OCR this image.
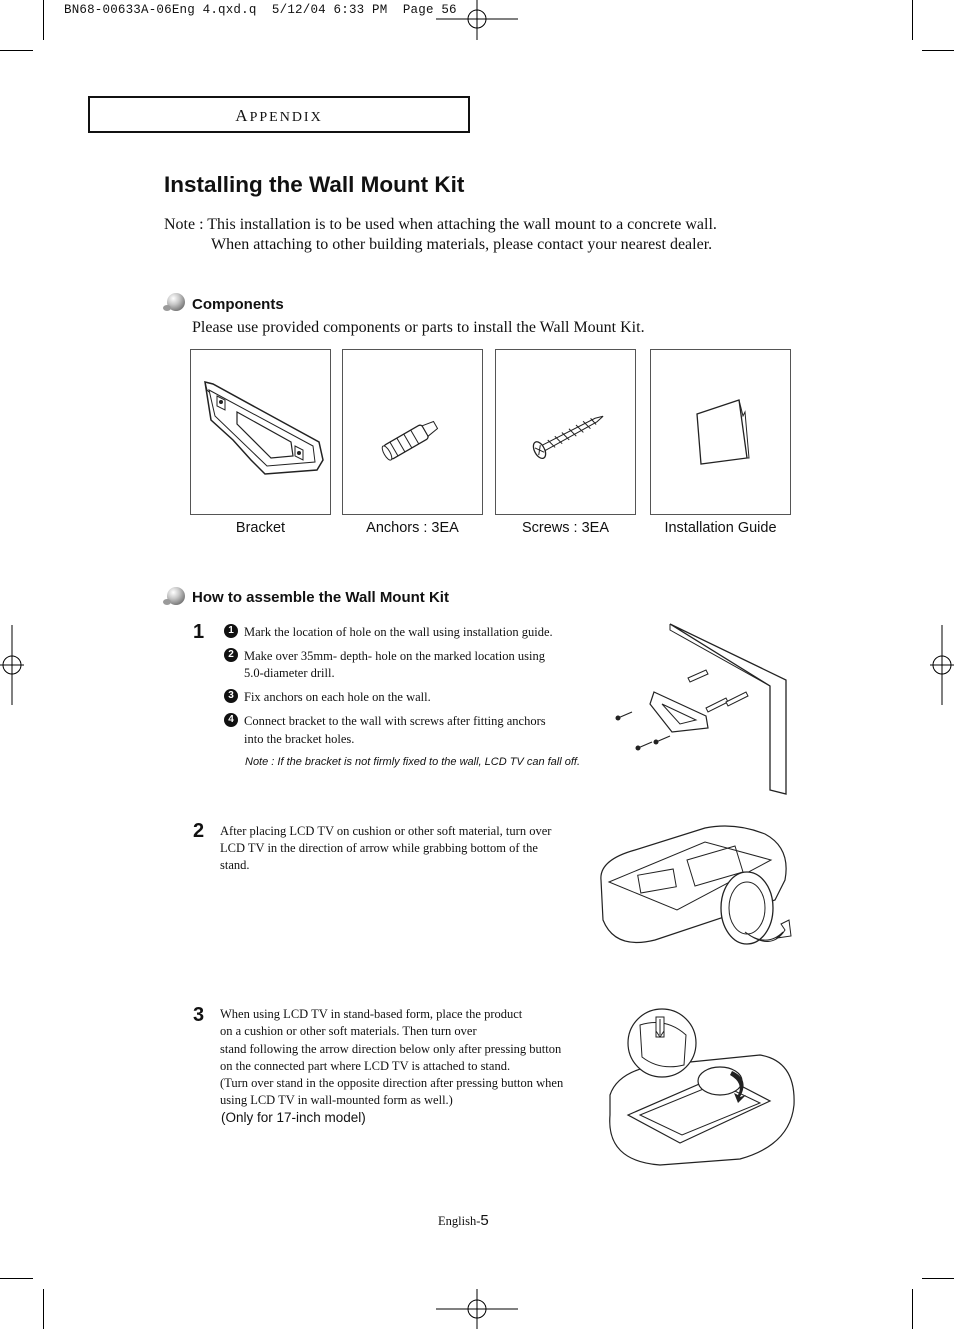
BN68-00633A-06Eng 4.qxd.q  5/12/04 6:33 PM  Page 56
APPENDIX
Installing the Wall Mount Kit
Note : This installation is to be used when attaching the wall mount to a concrete wall.
When attaching to other building materials, please contact your nearest dealer.
Components
Please use provided components or parts to install the Wall Mount Kit.
Bracket	Anchors : 3EA	Screws : 3EA	Installation Guide
How to assemble the Wall Mount Kit
1	1 Mark the location of hole on the wall using installation guide.
2 Make over 35mm- depth- hole on the marked location using
5.0-diameter drill.
3 Fix anchors on each hole on the wall.
4 Connect bracket to the wall with screws after fitting anchors
into the bracket holes.
Note : If the bracket is not firmly fixed to the wall, LCD TV can fall off.
2 After placing LCD TV on cushion or other soft material, turn over
LCD TV in the direction of arrow while grabbing bottom of the
stand.
3 When using LCD TV in stand-based form, place the product
on a cushion or other soft materials. Then turn over
stand following the arrow direction below only after pressing button
on the connected part where LCD TV is attached to stand.
(Turn over stand in the opposite direction after pressing button when
using LCD TV in wall-mounted form as well.)
(Only for 17-inch model)
English-5
